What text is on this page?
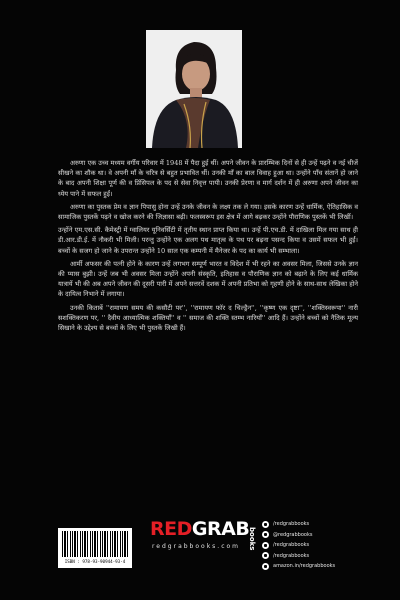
अरुणा एक उच्च मध्यम वर्गीय परिवार में 1948 में पैदा हुई थीं। अपने जीवन के प्रारम्भिक दिनों से ही उन्हें पढ़ने व नई चीजें सीखने का शौक था। वे अपनी माँ के चरित्र से बहुत प्रभावित थीं। उनकी माँ का बाल विवाह हुआ था। उन्होंने पाँच संतानें हो जाने के बाद अपनी शिक्षा पूर्ण की व प्रिंसिपल के पद से सेवा निवृत्त पायी। उनकी प्रेरणा व मार्ग दर्शन में ही अरुणा अपने जीवन का ध्येय पाने में सफल हुईं।

अरुणा का पुस्तक प्रेम व ज्ञान पिपासु होना उन्हें उनके जीवन के लक्ष्य तक ले गया। इसके कारण उन्हें धार्मिक, ऐतिहासिक व सामाजिक पुस्तकें पढ़ने व खोज करने की जिज्ञासा बढ़ी। फलस्वरूप इस क्षेत्र में आगे बढ़कर उन्होंने पौराणिक पुस्तकें भी लिखीं।

उन्होंने एम.एस.सी. कैमेस्ट्री में ग्वालियर यूनिवर्सिटी में तृतीय स्थान प्राप्त किया था। उन्हें पी.एच.डी. में दाखिला मिल गया साथ ही डी.आर.डी.ई. में नौकरी भी मिली। परन्तु उन्होंने एक अलग पथ मातृत्व के पथ पर बढ़ना पसन्द किया व उसमें सफल भी हुईं। बच्चों के सजग हो जाने के उपरान्त उन्होंने 10 साल एक कम्पनी में मैनेजर के पद का कार्य भी सम्भाला।

आर्मी अफसर की पत्नी होने के कारण उन्हें लगभग सम्पूर्ण भारत व विदेश में भी रहने का अवसर मिला, जिससे उनके ज्ञान की प्यास बुझी। उन्हें जब भी अवसर मिला उन्होंने अपनी संस्कृति, इतिहास व पौराणिक ज्ञान को बढ़ाने के लिए कई धार्मिक यात्रायें भी की अब अपने जीवन की दूसरी पारी में अपने सत्तरवें दशक में अपनी प्रतिभा को गृहणी होने के साथ-साथ लेखिका होने के दायित्व निभाने में लगाया।

उनकी किताबें ''रामायण समय की कसौटी पर'', ''रामायण फॉर द चिल्ड्रैन'', ''कृष्ण एक दृष्टा'', ''शक्तिस्वरूपा'' नारी सशक्तिकरण पर, '' दैवीय आध्यात्मिक शक्तियाँ'' व '' समाज की शक्ति स्तम्भ नारियाँ'' आदि हैं। उन्होंने बच्चों को नैतिक मूल्य सिखाने के उद्देश्य से बच्चों के लिए भी पुस्तकें लिखी हैं।

ISBN : 978-93-90944-93-4
REDGRAB
redgrabbooks.com books
/redgrabbooks
@redgrabbooks
/redgrabbooks
/redgrabbooks
amazon.in/redgrabbooks
